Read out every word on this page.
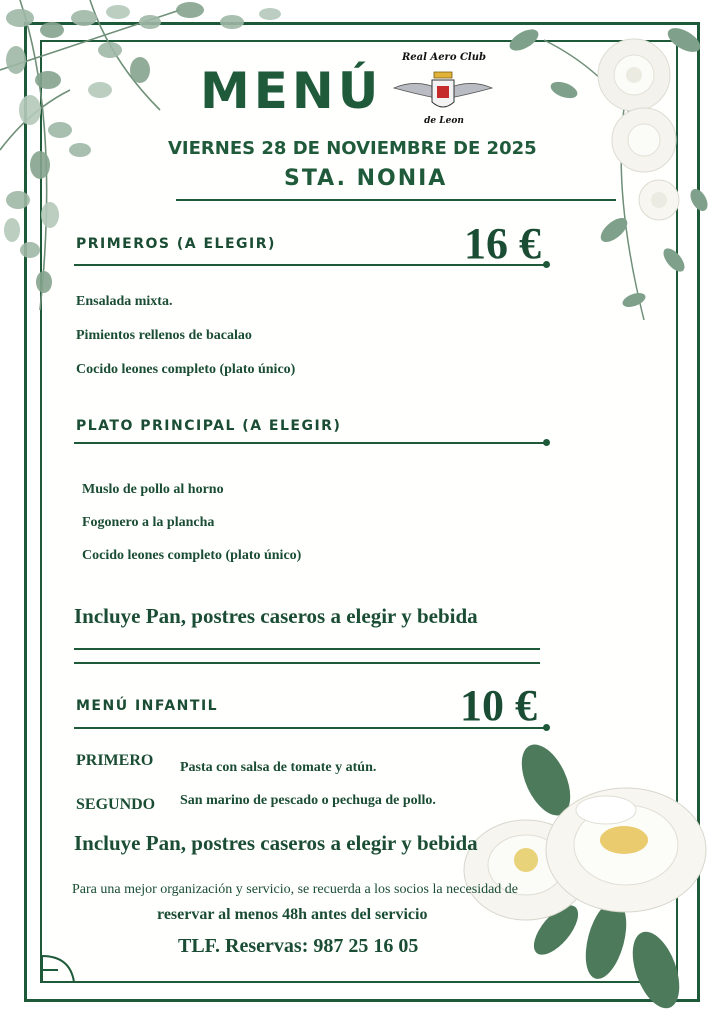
MENÚ
Real Aero Club
de Leon
VIERNES 28 DE NOVIEMBRE DE 2025
STA. NONIA
PRIMEROS (A ELEGIR)	16 €
Ensalada mixta.
Pimientos rellenos de bacalao
Cocido leones completo (plato único)
PLATO PRINCIPAL (A ELEGIR)
Muslo de pollo al horno
Fogonero a la plancha
Cocido leones completo (plato único)
Incluye Pan, postres caseros a elegir y bebida
MENÚ INFANTIL	10 €
PRIMERO Pasta con salsa de tomate y atún.
SEGUNDO San marino de pescado o pechuga de pollo.
Incluye Pan, postres caseros a elegir y bebida
Para una mejor organización y servicio, se recuerda a los socios la necesidad de
reservar al menos 48h antes del servicio
TLF. Reservas: 987 25 16 05
